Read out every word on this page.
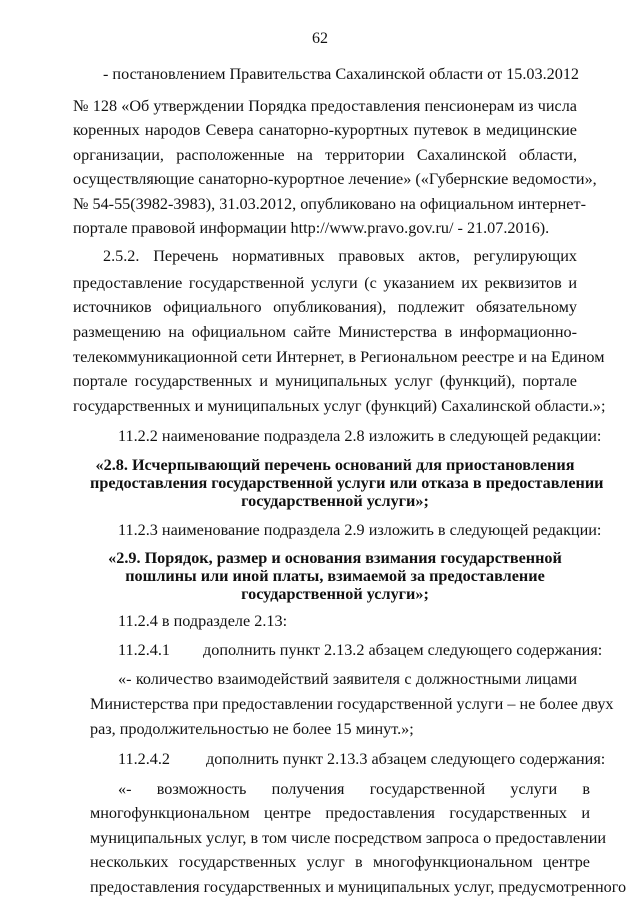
62
- постановлением Правительства Сахалинской области от 15.03.2012
№ 128 «Об утверждении Порядка предоставления пенсионерам из числа
коренных народов Севера санаторно-курортных путевок в медицинские
организации, расположенные на территории Сахалинской области,
осуществляющие санаторно-курортное лечение» («Губернские ведомости»,
№ 54-55(3982-3983), 31.03.2012, опубликовано на официальном интернет-
портале правовой информации http://www.pravo.gov.ru/ - 21.07.2016).
2.5.2. Перечень нормативных правовых актов, регулирующих
предоставление государственной услуги (с указанием их реквизитов и
источников официального опубликования), подлежит обязательному
размещению на официальном сайте Министерства в информационно-
телекоммуникационной сети Интернет, в Региональном реестре и на Едином
портале государственных и муниципальных услуг (функций), портале
государственных и муниципальных услуг (функций) Сахалинской области.»;
11.2.2 наименование подраздела 2.8 изложить в следующей редакции:
«2.8. Исчерпывающий перечень оснований для приостановления
предоставления государственной услуги или отказа в предоставлении
государственной услуги»;
11.2.3 наименование подраздела 2.9 изложить в следующей редакции:
«2.9. Порядок, размер и основания взимания государственной
пошлины или иной платы, взимаемой за предоставление
государственной услуги»;
11.2.4 в подразделе 2.13:
11.2.4.1 дополнить пункт 2.13.2 абзацем следующего содержания:
«- количество взаимодействий заявителя с должностными лицами
Министерства при предоставлении государственной услуги – не более двух
раз, продолжительностью не более 15 минут.»;
11.2.4.2 дополнить пункт 2.13.3 абзацем следующего содержания:
«- возможность получения государственной услуги в
многофункциональном центре предоставления государственных и
муниципальных услуг, в том числе посредством запроса о предоставлении
нескольких государственных услуг в многофункциональном центре
предоставления государственных и муниципальных услуг, предусмотренного
